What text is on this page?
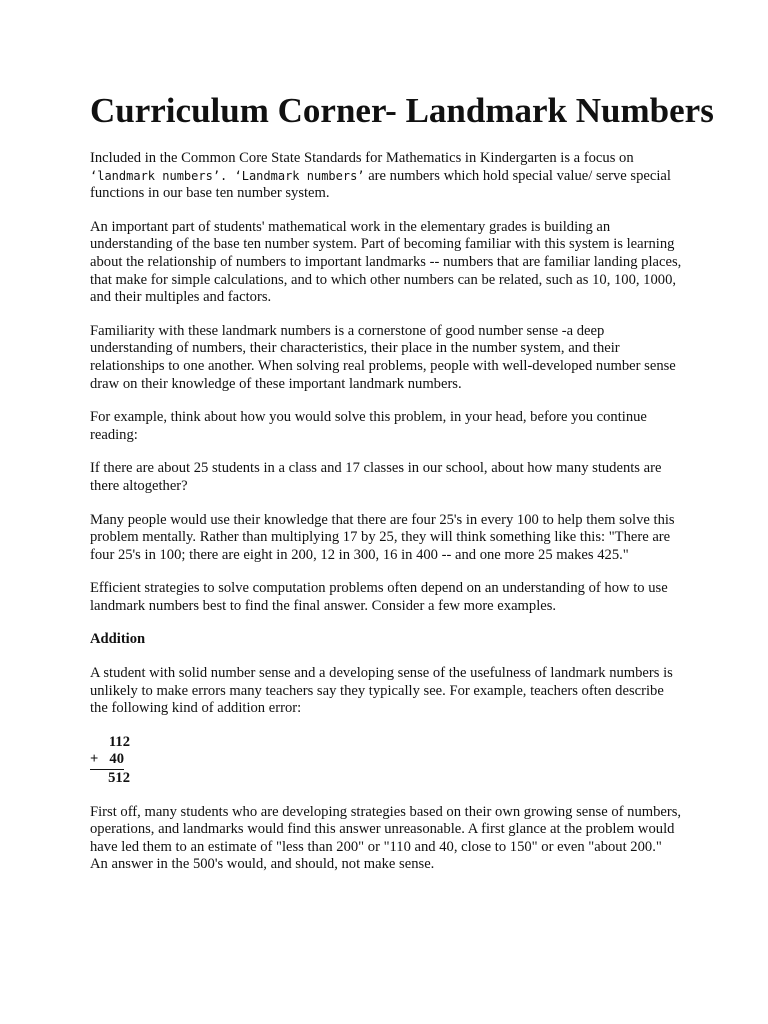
Curriculum Corner- Landmark Numbers

Included in the Common Core State Standards for Mathematics in Kindergarten is a focus on ‘landmark numbers’. ‘Landmark numbers’ are numbers which hold special value/ serve special functions in our base ten number system.

An important part of students' mathematical work in the elementary grades is building an understanding of the base ten number system. Part of becoming familiar with this system is learning about the relationship of numbers to important landmarks -- numbers that are familiar landing places, that make for simple calculations, and to which other numbers can be related, such as 10, 100, 1000, and their multiples and factors.

Familiarity with these landmark numbers is a cornerstone of good number sense -a deep understanding of numbers, their characteristics, their place in the number system, and their relationships to one another. When solving real problems, people with well-developed number sense draw on their knowledge of these important landmark numbers.

For example, think about how you would solve this problem, in your head, before you continue reading:

If there are about 25 students in a class and 17 classes in our school, about how many students are there altogether?

Many people would use their knowledge that there are four 25's in every 100 to help them solve this problem mentally. Rather than multiplying 17 by 25, they will think something like this: "There are four 25's in 100; there are eight in 200, 12 in 300, 16 in 400 -- and one more 25 makes 425."

Efficient strategies to solve computation problems often depend on an understanding of how to use landmark numbers best to find the final answer. Consider a few more examples.

Addition

A student with solid number sense and a developing sense of the usefulness of landmark numbers is unlikely to make errors many teachers say they typically see. For example, teachers often describe the following kind of addition error:

112
+ 40
512

First off, many students who are developing strategies based on their own growing sense of numbers, operations, and landmarks would find this answer unreasonable. A first glance at the problem would have led them to an estimate of "less than 200" or "110 and 40, close to 150" or even "about 200." An answer in the 500's would, and should, not make sense.
